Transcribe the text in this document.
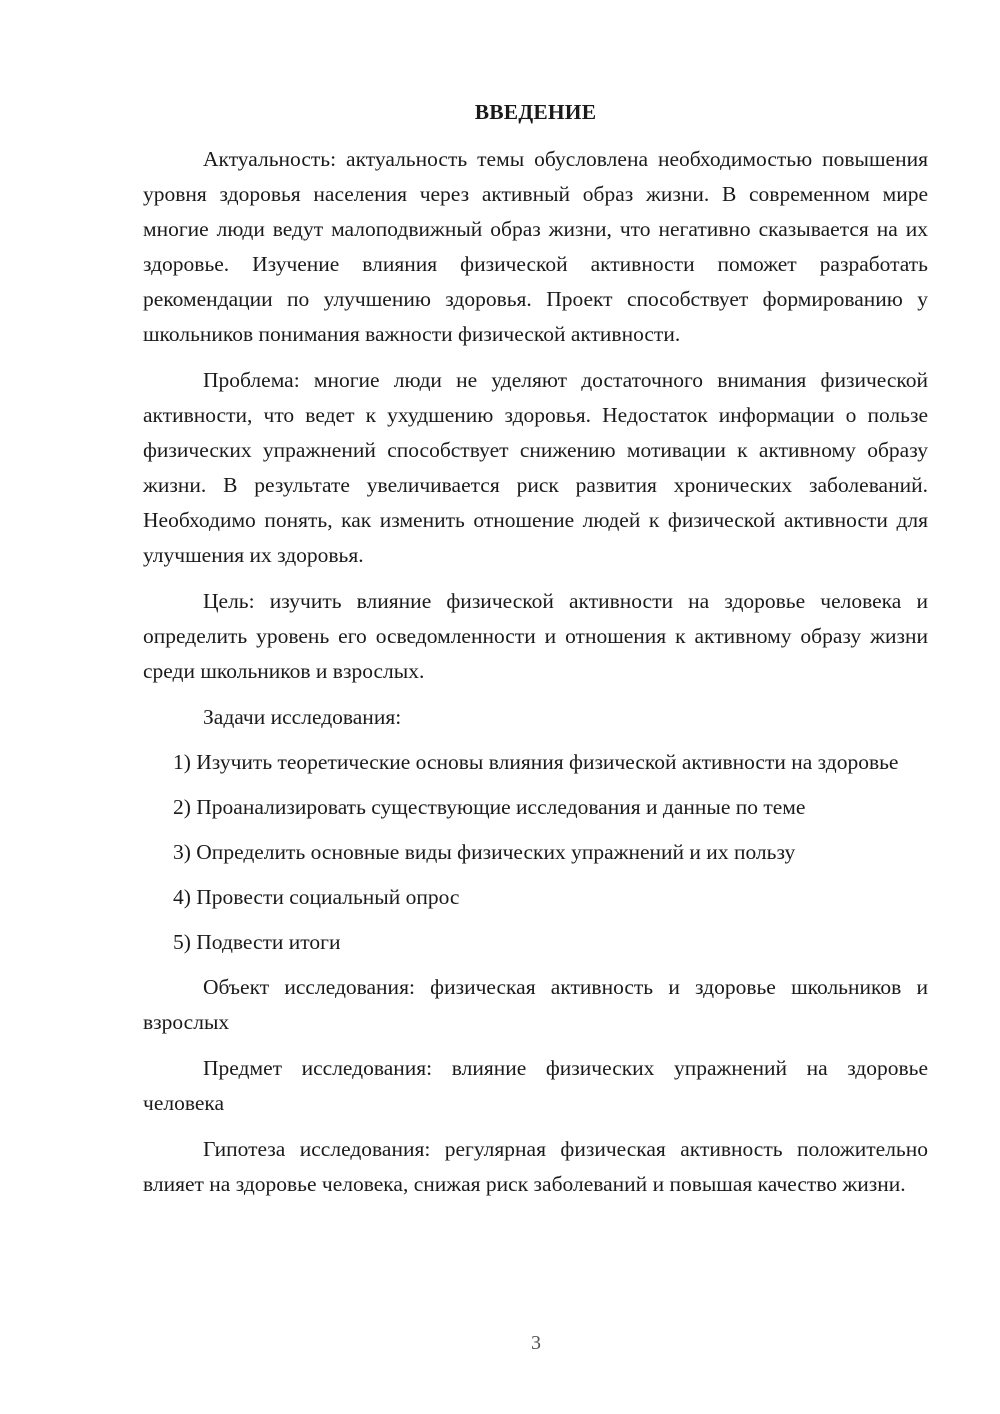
ВВЕДЕНИЕ

Актуальность: актуальность темы обусловлена необходимостью повышения уровня здоровья населения через активный образ жизни. В современном мире многие люди ведут малоподвижный образ жизни, что негативно сказывается на их здоровье. Изучение влияния физической активности поможет разработать рекомендации по улучшению здоровья. Проект способствует формированию у школьников понимания важности физической активности.

Проблема: многие люди не уделяют достаточного внимания физической активности, что ведет к ухудшению здоровья. Недостаток информации о пользе физических упражнений способствует снижению мотивации к активному образу жизни. В результате увеличивается риск развития хронических заболеваний. Необходимо понять, как изменить отношение людей к физической активности для улучшения их здоровья.

Цель: изучить влияние физической активности на здоровье человека и определить уровень его осведомленности и отношения к активному образу жизни среди школьников и взрослых.

Задачи исследования:

1) Изучить теоретические основы влияния физической активности на здоровье

2) Проанализировать существующие исследования и данные по теме

3) Определить основные виды физических упражнений и их пользу

4) Провести социальный опрос

5) Подвести итоги

Объект исследования: физическая активность и здоровье школьников и взрослых

Предмет исследования: влияние физических упражнений на здоровье человека

Гипотеза исследования: регулярная физическая активность положительно влияет на здоровье человека, снижая риск заболеваний и повышая качество жизни.

3
